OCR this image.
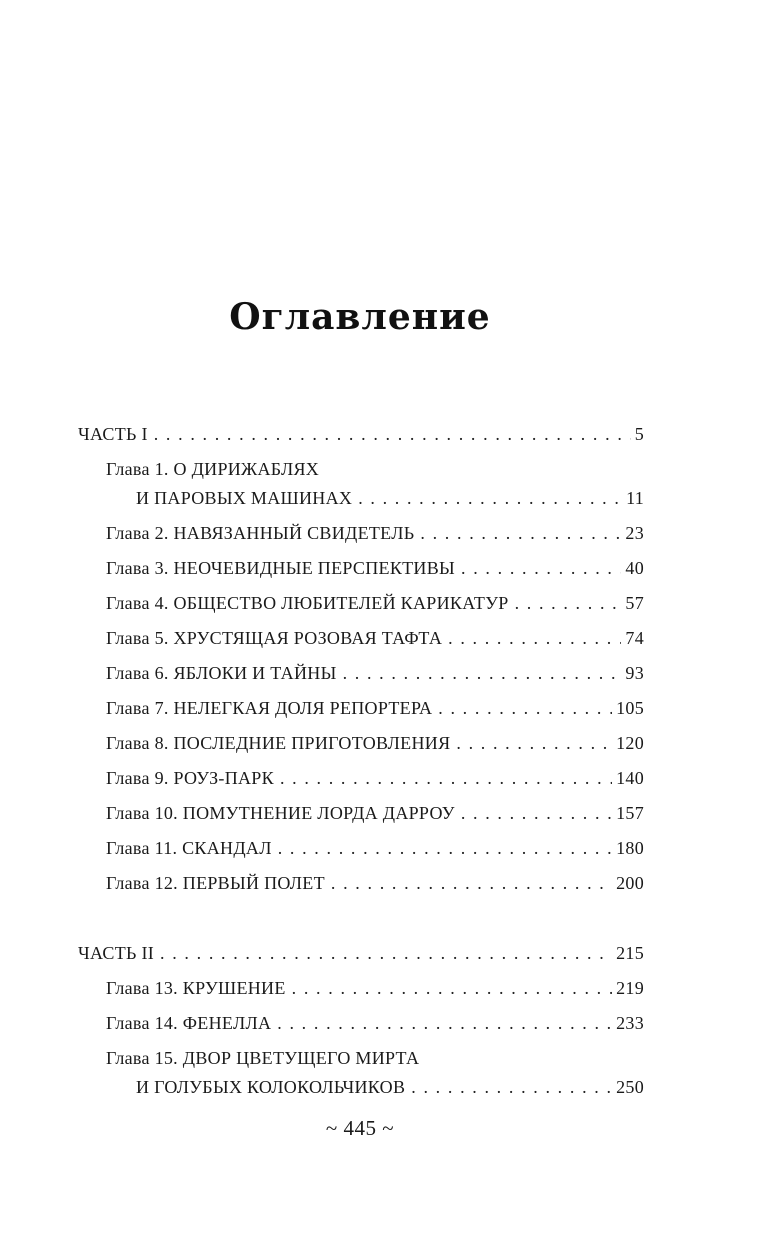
Оглавление
ЧАСТЬ I . . .	5
Глава 1. О ДИРИЖАБЛЯХ
И ПАРОВЫХ МАШИНАХ . . .	11
Глава 2. НАВЯЗАННЫЙ СВИДЕТЕЛЬ . . .	23
Глава 3. НЕОЧЕВИДНЫЕ ПЕРСПЕКТИВЫ . . .	40
Глава 4. ОБЩЕСТВО ЛЮБИТЕЛЕЙ КАРИКАТУР . . .	57
Глава 5. ХРУСТЯЩАЯ РОЗОВАЯ ТАФТА . . .	74
Глава 6. ЯБЛОКИ И ТАЙНЫ . . .	93
Глава 7. НЕЛЕГКАЯ ДОЛЯ РЕПОРТЕРА . . .	105
Глава 8. ПОСЛЕДНИЕ ПРИГОТОВЛЕНИЯ . . .	120
Глава 9. РОУЗ-ПАРК . . .	140
Глава 10. ПОМУТНЕНИЕ ЛОРДА ДАРРОУ . . .	157
Глава 11. СКАНДАЛ . . .	180
Глава 12. ПЕРВЫЙ ПОЛЕТ . . .	200
ЧАСТЬ II . . .	215
Глава 13. КРУШЕНИЕ . . .	219
Глава 14. ФЕНЕЛЛА . . .	233
Глава 15. ДВОР ЦВЕТУЩЕГО МИРТА
И ГОЛУБЫХ КОЛОКОЛЬЧИКОВ . . .	250
~ 445 ~
